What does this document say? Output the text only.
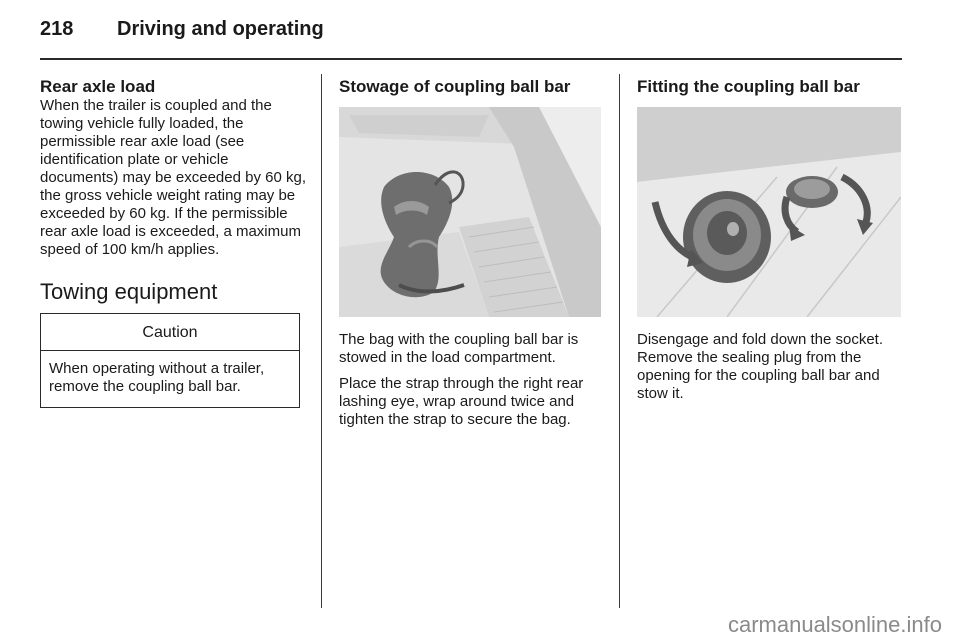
218 Driving and operating
Rear axle load

When the trailer is coupled and the towing vehicle fully loaded, the permissible rear axle load (see identification plate or vehicle documents) may be exceeded by 60 kg, the gross vehicle weight rating may be exceeded by 60 kg. If the permissible rear axle load is exceeded, a maximum speed of 100 km/h applies.

Towing equipment
Caution
When operating without a trailer, remove the coupling ball bar.
Stowage of coupling ball bar

The bag with the coupling ball bar is stowed in the load compartment.

Place the strap through the right rear lashing eye, wrap around twice and tighten the strap to secure the bag.

Fitting the coupling ball bar

Disengage and fold down the socket. Remove the sealing plug from the opening for the coupling ball bar and stow it.

carmanualsonline.info
